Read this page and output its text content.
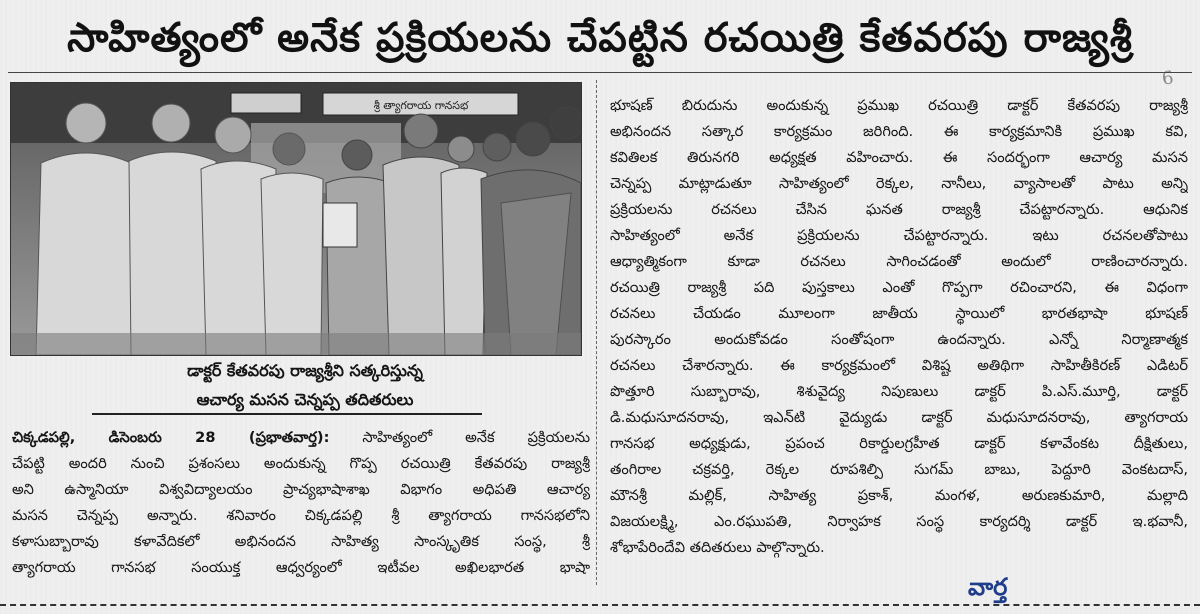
సాహిత్యంలో అనేక ప్రక్రియలను చేపట్టిన రచయిత్రి కేతవరపు రాజ్యశ్రీ
6
శ్రీ త్యాగరాయ గానసభ
డాక్టర్ కేతవరపు రాజ్యశ్రీని సత్కరిస్తున్న
ఆచార్య మసన చెన్నప్ప తదితరులు
చిక్కడపల్లి, డిసెంబరు 28 (ప్రభాతవార్త): సాహిత్యంలో అనేక ప్రక్రియలను
చేపట్టి అందరి నుంచి ప్రశంసలు అందుకున్న గొప్ప రచయిత్రి కేతవరపు రాజ్యశ్రీ
అని ఉస్మానియా విశ్వవిద్యాలయం ప్రాచ్యభాషాశాఖ విభాగం అధిపతి ఆచార్య
మసన చెన్నప్ప అన్నారు. శనివారం చిక్కడపల్లి శ్రీ త్యాగరాయ గానసభలోని
కళాసుబ్బారావు కళావేదికలో అభినందన సాహిత్య సాంస్కృతిక సంస్థ, శ్రీ
త్యాగరాయ గానసభ సంయుక్త ఆధ్వర్యంలో ఇటీవల అఖిలభారత భాషా
భూషణ్ బిరుదును అందుకున్న ప్రముఖ రచయిత్రి డాక్టర్ కేతవరపు రాజ్యశ్రీ
అభినందన సత్కార కార్యక్రమం జరిగింది. ఈ కార్యక్రమానికి ప్రముఖ కవి,
కవితిలక తిరునగరి అధ్యక్షత వహించారు. ఈ సందర్భంగా ఆచార్య మసన
చెన్నప్ప మాట్లాడుతూ సాహిత్యంలో రెక్కల, నానీలు, వ్యాసాలతో పాటు అన్ని
ప్రక్రియలను రచనలు చేసిన ఘనత రాజ్యశ్రీ చేపట్టారన్నారు. ఆధునిక
సాహిత్యంలో అనేక ప్రక్రియలను చేపట్టారన్నారు. ఇటు రచనలతోపాటు
ఆధ్యాత్మికంగా కూడా రచనలు సాగించడంతో అందులో రాణించారన్నారు.
రచయిత్రి రాజ్యశ్రీ పది పుస్తకాలు ఎంతో గొప్పగా రచించారని, ఈ విధంగా
రచనలు చేయడం మూలంగా జాతీయ స్థాయిలో భారతభాషా భూషణ్
పురస్కారం అందుకోవడం సంతోషంగా ఉందన్నారు. ఎన్నో నిర్మాణాత్మక
రచనలు చేశారన్నారు. ఈ కార్యక్రమంలో విశిష్ట అతిథిగా సాహితీకిరణ్ ఎడిటర్
పొత్తూరి సుబ్బారావు, శిశువైద్య నిపుణులు డాక్టర్ పి.ఎస్.మూర్తి, డాక్టర్
డి.మధుసూదనరావు, ఇఎన్‌టి వైద్యుడు డాక్టర్ మధుసూదనరావు, త్యాగరాయ
గానసభ అధ్యక్షుడు, ప్రపంచ రికార్డులగ్రహీత డాక్టర్ కళావేంకట దీక్షితులు,
తంగిరాల చక్రవర్తి, రెక్కల రూపశిల్పి సుగమ్ బాబు, పెద్దూరి వెంకటదాస్,
మౌనశ్రీ మల్లిక్, సాహిత్య ప్రకాశ్, మంగళ, అరుణకుమారి, మల్లాది
విజయలక్ష్మి, ఎం.రఘుపతి, నిర్వాహక సంస్థ కార్యదర్శి డాక్టర్ ఇ.భవానీ,
శోభాపేరిందేవి తదితరులు పాల్గొన్నారు.
వార్త
